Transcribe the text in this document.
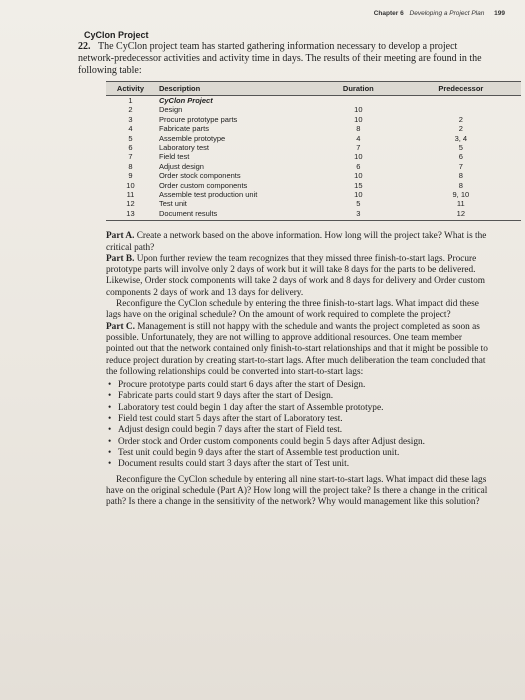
Chapter 6 Developing a Project Plan 199
CyClon Project
22. The CyClon project team has started gathering information necessary to develop a project network-predecessor activities and activity time in days. The results of their meeting are found in the following table:
Activity	Description	Duration	Predecessor
1	CyClon Project		
2	Design	10	
3	Procure prototype parts	10	2
4	Fabricate parts	8	2
5	Assemble prototype	4	3, 4
6	Laboratory test	7	5
7	Field test	10	6
8	Adjust design	6	7
9	Order stock components	10	8
10	Order custom components	15	8
11	Assemble test production unit	10	9, 10
12	Test unit	5	11
13	Document results	3	12

Part A. Create a network based on the above information. How long will the project take? What is the critical path?

Part B. Upon further review the team recognizes that they missed three finish-to-start lags. Procure prototype parts will involve only 2 days of work but it will take 8 days for the parts to be delivered. Likewise, Order stock components will take 2 days of work and 8 days for delivery and Order custom components 2 days of work and 13 days for delivery.

Reconfigure the CyClon schedule by entering the three finish-to-start lags. What impact did these lags have on the original schedule? On the amount of work required to complete the project?

Part C. Management is still not happy with the schedule and wants the project completed as soon as possible. Unfortunately, they are not willing to approve additional resources. One team member pointed out that the network contained only finish-to-start relationships and that it might be possible to reduce project duration by creating start-to-start lags. After much deliberation the team concluded that the following relationships could be converted into start-to-start lags:

• Procure prototype parts could start 6 days after the start of Design.
• Fabricate parts could start 9 days after the start of Design.
• Laboratory test could begin 1 day after the start of Assemble prototype.
• Field test could start 5 days after the start of Laboratory test.
• Adjust design could begin 7 days after the start of Field test.
• Order stock and Order custom components could begin 5 days after Adjust design.
• Test unit could begin 9 days after the start of Assemble test production unit.
• Document results could start 3 days after the start of Test unit.

Reconfigure the CyClon schedule by entering all nine start-to-start lags. What impact did these lags have on the original schedule (Part A)? How long will the project take? Is there a change in the critical path? Is there a change in the sensitivity of the network? Why would management like this solution?
